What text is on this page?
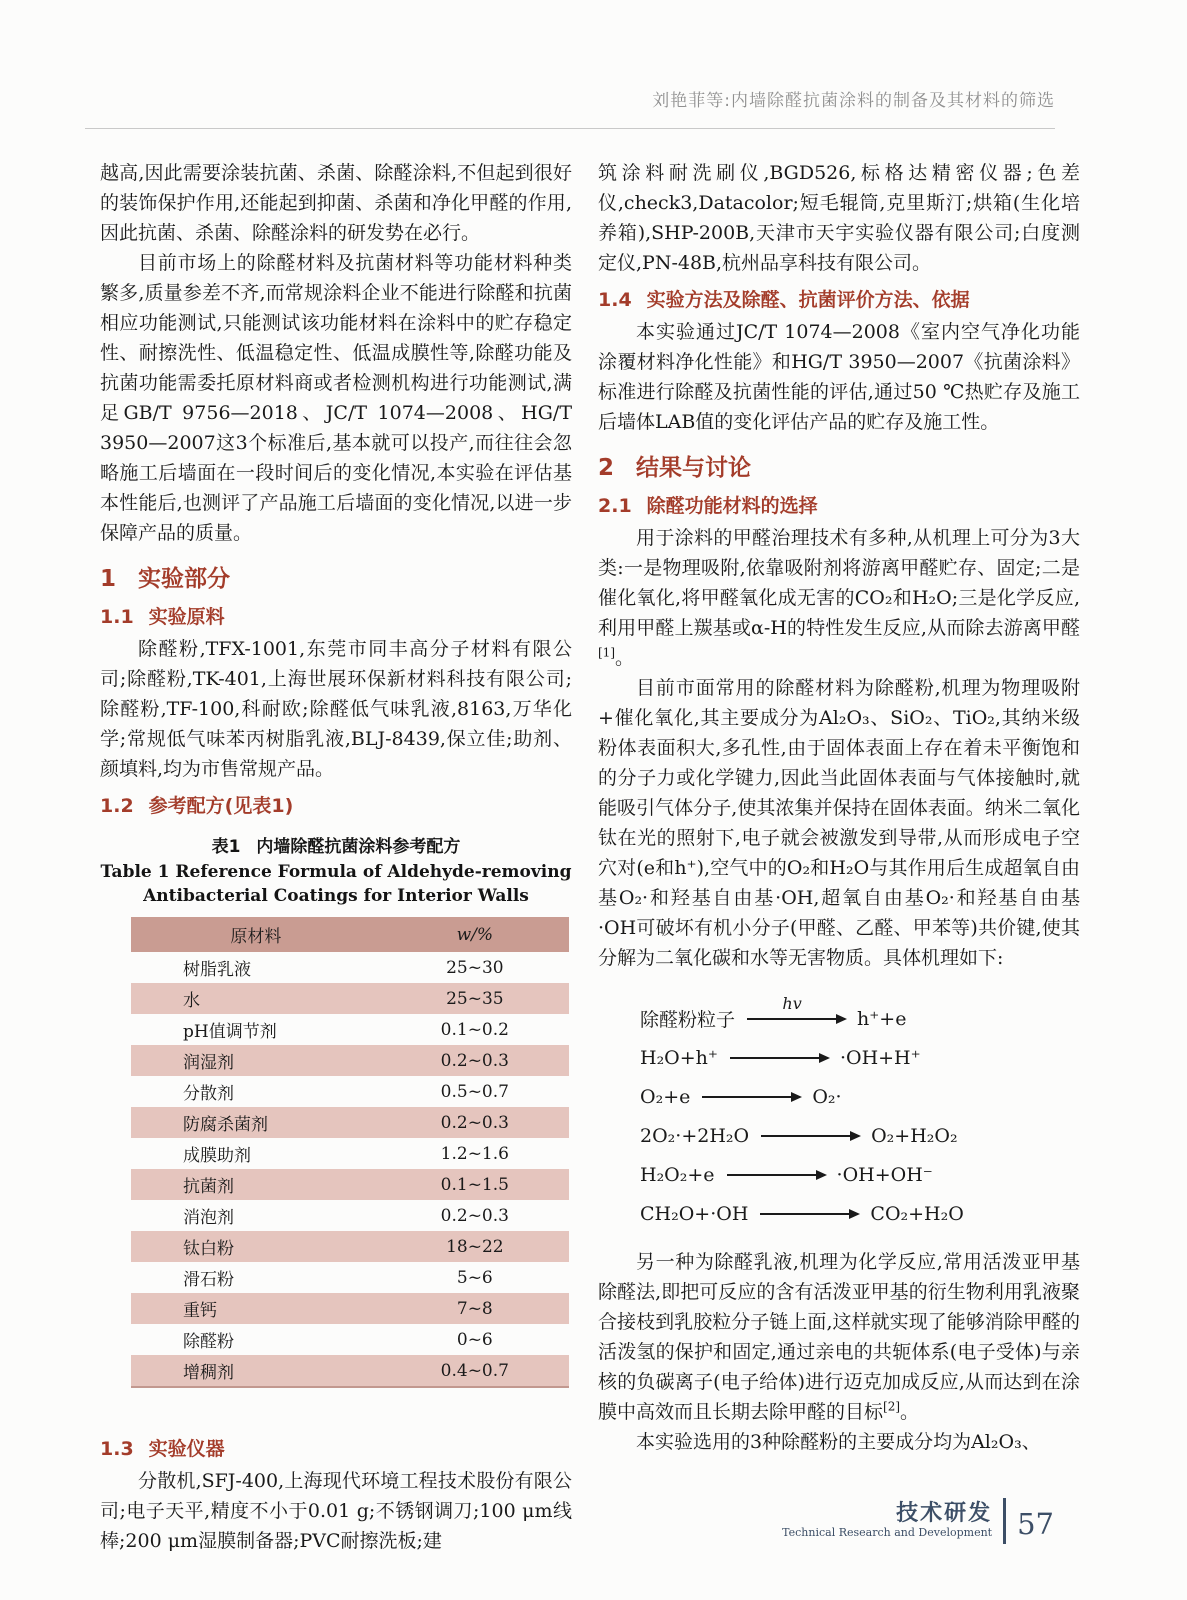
刘艳菲等:内墙除醛抗菌涂料的制备及其材料的筛选

越高,因此需要涂装抗菌、杀菌、除醛涂料,不但起到很好的装饰保护作用,还能起到抑菌、杀菌和净化甲醛的作用,因此抗菌、杀菌、除醛涂料的研发势在必行。

目前市场上的除醛材料及抗菌材料等功能材料种类繁多,质量参差不齐,而常规涂料企业不能进行除醛和抗菌相应功能测试,只能测试该功能材料在涂料中的贮存稳定性、耐擦洗性、低温稳定性、低温成膜性等,除醛功能及抗菌功能需委托原材料商或者检测机构进行功能测试,满足GB/T 9756—2018、JC/T 1074—2008、HG/T 3950—2007这3个标准后,基本就可以投产,而往往会忽略施工后墙面在一段时间后的变化情况,本实验在评估基本性能后,也测评了产品施工后墙面的变化情况,以进一步保障产品的质量。

1 实验部分
1.1 实验原料

除醛粉,TFX-1001,东莞市同丰高分子材料有限公司;除醛粉,TK-401,上海世展环保新材料科技有限公司;除醛粉,TF-100,科耐欧;除醛低气味乳液,8163,万华化学;常规低气味苯丙树脂乳液,BLJ-8439,保立佳;助剂、颜填料,均为市售常规产品。

1.2 参考配方(见表1)
表1 内墙除醛抗菌涂料参考配方
Table 1 Reference Formula of Aldehyde-removing
Antibacterial Coatings for Interior Walls
原材料	w/%
树脂乳液	25~30
水	25~35
pH值调节剂	0.1~0.2
润湿剂	0.2~0.3
分散剂	0.5~0.7
防腐杀菌剂	0.2~0.3
成膜助剂	1.2~1.6
抗菌剂	0.1~1.5
消泡剂	0.2~0.3
钛白粉	18~22
滑石粉	5~6
重钙	7~8
除醛粉	0~6
增稠剂	0.4~0.7
1.3 实验仪器

分散机,SFJ-400,上海现代环境工程技术股份有限公司;电子天平,精度不小于0.01 g;不锈钢调刀;100 μm线棒;200 μm湿膜制备器;PVC耐擦洗板;建

筑涂料耐洗刷仪,BGD526,标格达精密仪器;色差仪,check3,Datacolor;短毛辊筒,克里斯汀;烘箱(生化培养箱),SHP-200B,天津市天宇实验仪器有限公司;白度测定仪,PN-48B,杭州品享科技有限公司。

1.4 实验方法及除醛、抗菌评价方法、依据

本实验通过JC/T 1074—2008《室内空气净化功能涂覆材料净化性能》和HG/T 3950—2007《抗菌涂料》标准进行除醛及抗菌性能的评估,通过50 ℃热贮存及施工后墙体LAB值的变化评估产品的贮存及施工性。

2 结果与讨论
2.1 除醛功能材料的选择

用于涂料的甲醛治理技术有多种,从机理上可分为3大类:一是物理吸附,依靠吸附剂将游离甲醛贮存、固定;二是催化氧化,将甲醛氧化成无害的CO₂和H₂O;三是化学反应,利用甲醛上羰基或α-H的特性发生反应,从而除去游离甲醛[1]。

目前市面常用的除醛材料为除醛粉,机理为物理吸附+催化氧化,其主要成分为Al₂O₃、SiO₂、TiO₂,其纳米级粉体表面积大,多孔性,由于固体表面上存在着未平衡饱和的分子力或化学键力,因此当此固体表面与气体接触时,就能吸引气体分子,使其浓集并保持在固体表面。纳米二氧化钛在光的照射下,电子就会被激发到导带,从而形成电子空穴对(e和h⁺),空气中的O₂和H₂O与其作用后生成超氧自由基O₂·和羟基自由基·OH,超氧自由基O₂·和羟基自由基·OH可破坏有机小分子(甲醛、乙醛、甲苯等)共价键,使其分解为二氧化碳和水等无害物质。具体机理如下:

除醛粉粒子
hv
h⁺+e
H₂O+h⁺	·OH+H⁺
O₂+e	O₂·
2O₂·+2H₂O	O₂+H₂O₂
H₂O₂+e	·OH+OH⁻
CH₂O+·OH	CO₂+H₂O

另一种为除醛乳液,机理为化学反应,常用活泼亚甲基除醛法,即把可反应的含有活泼亚甲基的衍生物利用乳液聚合接枝到乳胶粒分子链上面,这样就实现了能够消除甲醛的活泼氢的保护和固定,通过亲电的共轭体系(电子受体)与亲核的负碳离子(电子给体)进行迈克加成反应,从而达到在涂膜中高效而且长期去除甲醛的目标[2]。

本实验选用的3种除醛粉的主要成分均为Al₂O₃、

技术研发
Technical Research and Development 57
